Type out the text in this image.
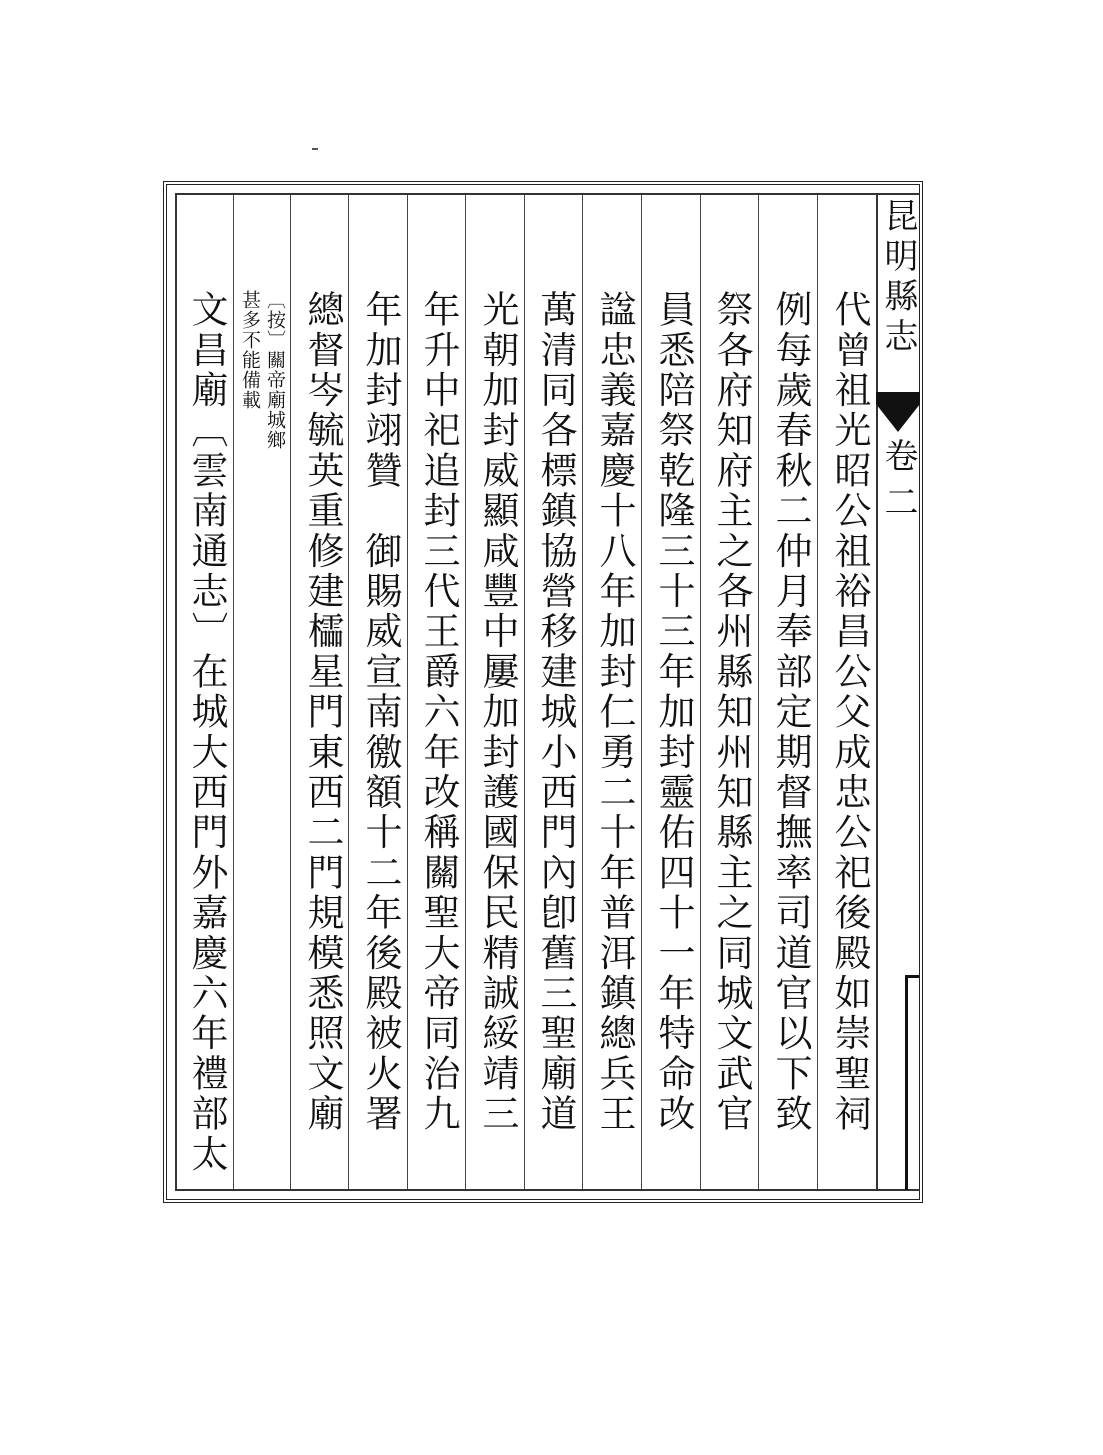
昆明縣志
卷二
代曾祖光昭公祖裕昌公父成忠公祀後殿如崇聖祠
例每歲春秋二仲月奉部定期督撫率司道官以下致
祭各府知府主之各州縣知州知縣主之同城文武官
員悉陪祭乾隆三十三年加封靈佑四十一年特命改
諡忠義嘉慶十八年加封仁勇二十年普洱鎮總兵王
萬清同各標鎮協營移建城小西門內卽舊三聖廟道
光朝加封威顯咸豐中屢加封護國保民精誠綏靖三
年升中祀追封三代王爵六年改稱關聖大帝同治九
年加封翊贊　御賜威宣南徼額十二年後殿被火署
總督岑毓英重修建櫺星門東西二門規模悉照文廟
〔按〕關帝廟城鄉
甚多不能備載
文昌廟〔雲南通志〕在城大西門外嘉慶六年禮部太
